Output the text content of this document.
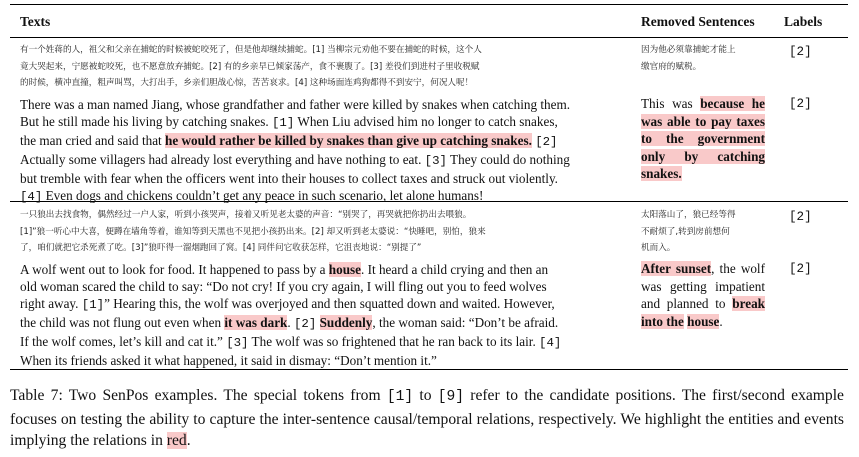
Texts	Removed Sentences Labels
有一个姓蒋的人，祖父和父亲在捕蛇的时候被蛇咬死了，但是他却继续捕蛇。[1] 当柳宗元劝他不要在捕蛇的时候，这个人
竟大哭起来，宁愿被蛇咬死，也不愿意放弃捕蛇。[2] 有的乡亲早已倾家荡产，食不裹腹了。[3] 差役们到进村子里收税赋
的时候，横冲直撞，粗声叫骂，大打出手，乡亲们胆战心惊，苦苦哀求。[4] 这种场面连鸡狗都得不到安宁，何况人呢！
There was a man named Jiang, whose grandfather and father were killed by snakes when catching them.
But he still made his living by catching snakes. [1] When Liu advised him no longer to catch snakes,
the man cried and said that he would rather be killed by snakes than give up catching snakes. [2]
Actually some villagers had already lost everything and have nothing to eat. [3] They could do nothing
but tremble with fear when the officers went into their houses to collect taxes and struck out violently.
[4] Even dogs and chickens couldn’t get any peace in such scenario, let alone humans!
因为他必须靠捕蛇才能上
缴官府的赋税。
This was because he was able to pay taxes to the government only by catching snakes.
[2]
[2]
一只狼出去找食物，偶然经过一户人家，听到小孩哭声，接着又听见老太婆的声音：“别哭了，再哭就把你扔出去喂狼。
[1]”狼一听心中大喜，便蹲在墙角等着，谁知等到天黑也不见把小孩扔出来。[2] 却又听到老太婆说：“快睡吧，别怕，狼来
了，咱们就把它杀死煮了吃。[3]”狼吓得一溜烟跑回了窝。[4] 同伴问它收获怎样，它沮丧地说：“别提了”
A wolf went out to look for food. It happened to pass by a house. It heard a child crying and then an
old woman scared the child to say: “Do not cry! If you cry again, I will fling out you to feed wolves
right away. [1]” Hearing this, the wolf was overjoyed and then squatted down and waited. However,
the child was not flung out even when it was dark. [2] Suddenly, the woman said: “Don’t be afraid.
If the wolf comes, let’s kill and cat it.” [3] The wolf was so frightened that he ran back to its lair. [4]
When its friends asked it what happened, it said in dismay: “Don’t mention it.”
太阳落山了，狼已经等得
不耐烦了,转到房前想何
机而入。
After sunset, the wolf was getting impatient and planned to break into the house.
[2]
[2]
Table 7: Two SenPos examples. The special tokens from [1] to [9] refer to the candidate positions. The first/second example focuses on testing the ability to capture the inter-sentence causal/temporal relations, respectively. We highlight the entities and events implying the relations in red.
